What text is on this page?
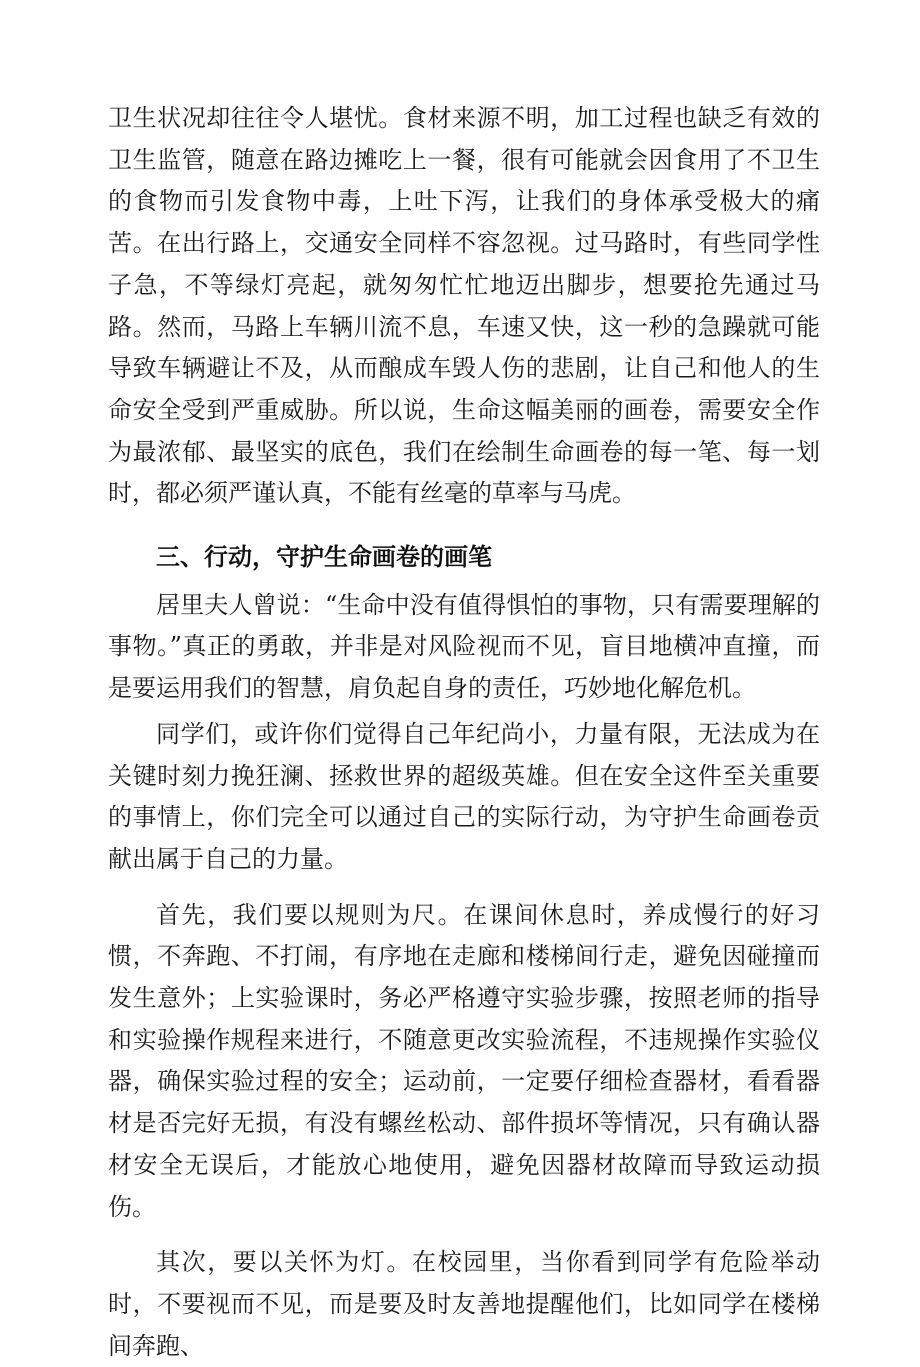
卫生状况却往往令人堪忧。食材来源不明，加工过程也缺乏有效的卫生监管，随意在路边摊吃上一餐，很有可能就会因食用了不卫生的食物而引发食物中毒，上吐下泻，让我们的身体承受极大的痛苦。在出行路上，交通安全同样不容忽视。过马路时，有些同学性子急，不等绿灯亮起，就匆匆忙忙地迈出脚步，想要抢先通过马路。然而，马路上车辆川流不息，车速又快，这一秒的急躁就可能导致车辆避让不及，从而酿成车毁人伤的悲剧，让自己和他人的生命安全受到严重威胁。所以说，生命这幅美丽的画卷，需要安全作为最浓郁、最坚实的底色，我们在绘制生命画卷的每一笔、每一划时，都必须严谨认真，不能有丝毫的草率与马虎。

三、行动，守护生命画卷的画笔

居里夫人曾说：“生命中没有值得惧怕的事物，只有需要理解的事物。”真正的勇敢，并非是对风险视而不见，盲目地横冲直撞，而是要运用我们的智慧，肩负起自身的责任，巧妙地化解危机。

同学们，或许你们觉得自己年纪尚小，力量有限，无法成为在关键时刻力挽狂澜、拯救世界的超级英雄。但在安全这件至关重要的事情上，你们完全可以通过自己的实际行动，为守护生命画卷贡献出属于自己的力量。

首先，我们要以规则为尺。在课间休息时，养成慢行的好习惯，不奔跑、不打闹，有序地在走廊和楼梯间行走，避免因碰撞而发生意外；上实验课时，务必严格遵守实验步骤，按照老师的指导和实验操作规程来进行，不随意更改实验流程，不违规操作实验仪器，确保实验过程的安全；运动前，一定要仔细检查器材，看看器材是否完好无损，有没有螺丝松动、部件损坏等情况，只有确认器材安全无误后，才能放心地使用，避免因器材故障而导致运动损伤。

其次，要以关怀为灯。在校园里，当你看到同学有危险举动时，不要视而不见，而是要及时友善地提醒他们，比如同学在楼梯间奔跑、
